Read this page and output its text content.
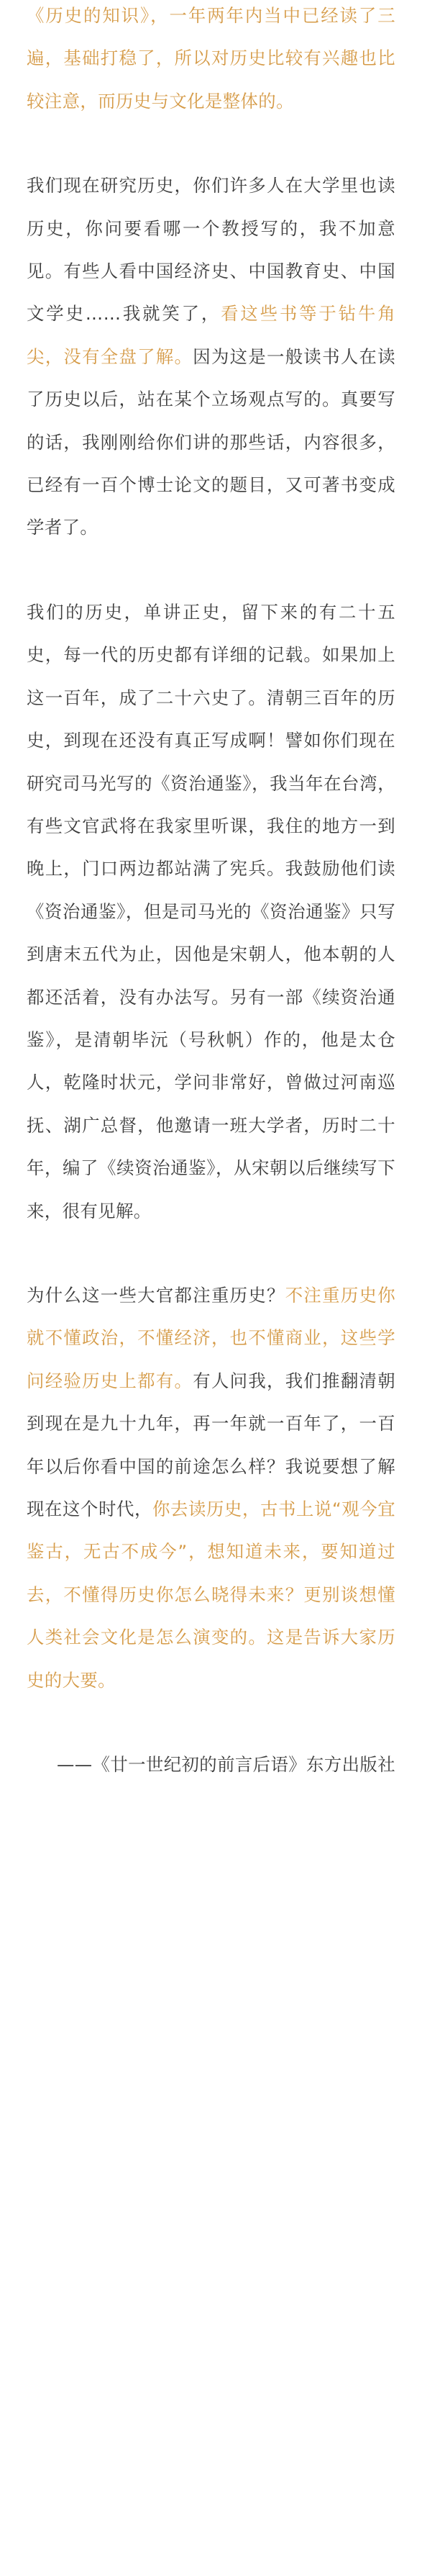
《历史的知识》，一年两年内当中已经读了三遍，基础打稳了，所以对历史比较有兴趣也比较注意，而历史与文化是整体的。

我们现在研究历史，你们许多人在大学里也读历史，你问要看哪一个教授写的，我不加意见。有些人看中国经济史、中国教育史、中国文学史……我就笑了，看这些书等于钻牛角尖，没有全盘了解。因为这是一般读书人在读了历史以后，站在某个立场观点写的。真要写的话，我刚刚给你们讲的那些话，内容很多，已经有一百个博士论文的题目，又可著书变成学者了。

我们的历史，单讲正史，留下来的有二十五史，每一代的历史都有详细的记载。如果加上这一百年，成了二十六史了。清朝三百年的历史，到现在还没有真正写成啊！譬如你们现在研究司马光写的《资治通鉴》，我当年在台湾，有些文官武将在我家里听课，我住的地方一到晚上，门口两边都站满了宪兵。我鼓励他们读《资治通鉴》，但是司马光的《资治通鉴》只写到唐末五代为止，因他是宋朝人，他本朝的人都还活着，没有办法写。另有一部《续资治通鉴》，是清朝毕沅（号秋帆）作的，他是太仓人，乾隆时状元，学问非常好，曾做过河南巡抚、湖广总督，他邀请一班大学者，历时二十年，编了《续资治通鉴》，从宋朝以后继续写下来，很有见解。

为什么这一些大官都注重历史？不注重历史你就不懂政治，不懂经济，也不懂商业，这些学问经验历史上都有。有人问我，我们推翻清朝到现在是九十九年，再一年就一百年了，一百年以后你看中国的前途怎么样？我说要想了解现在这个时代，你去读历史，古书上说“观今宜鉴古，无古不成今”，想知道未来，要知道过去，不懂得历史你怎么晓得未来？更别谈想懂人类社会文化是怎么演变的。这是告诉大家历史的大要。

——《廿一世纪初的前言后语》东方出版社
